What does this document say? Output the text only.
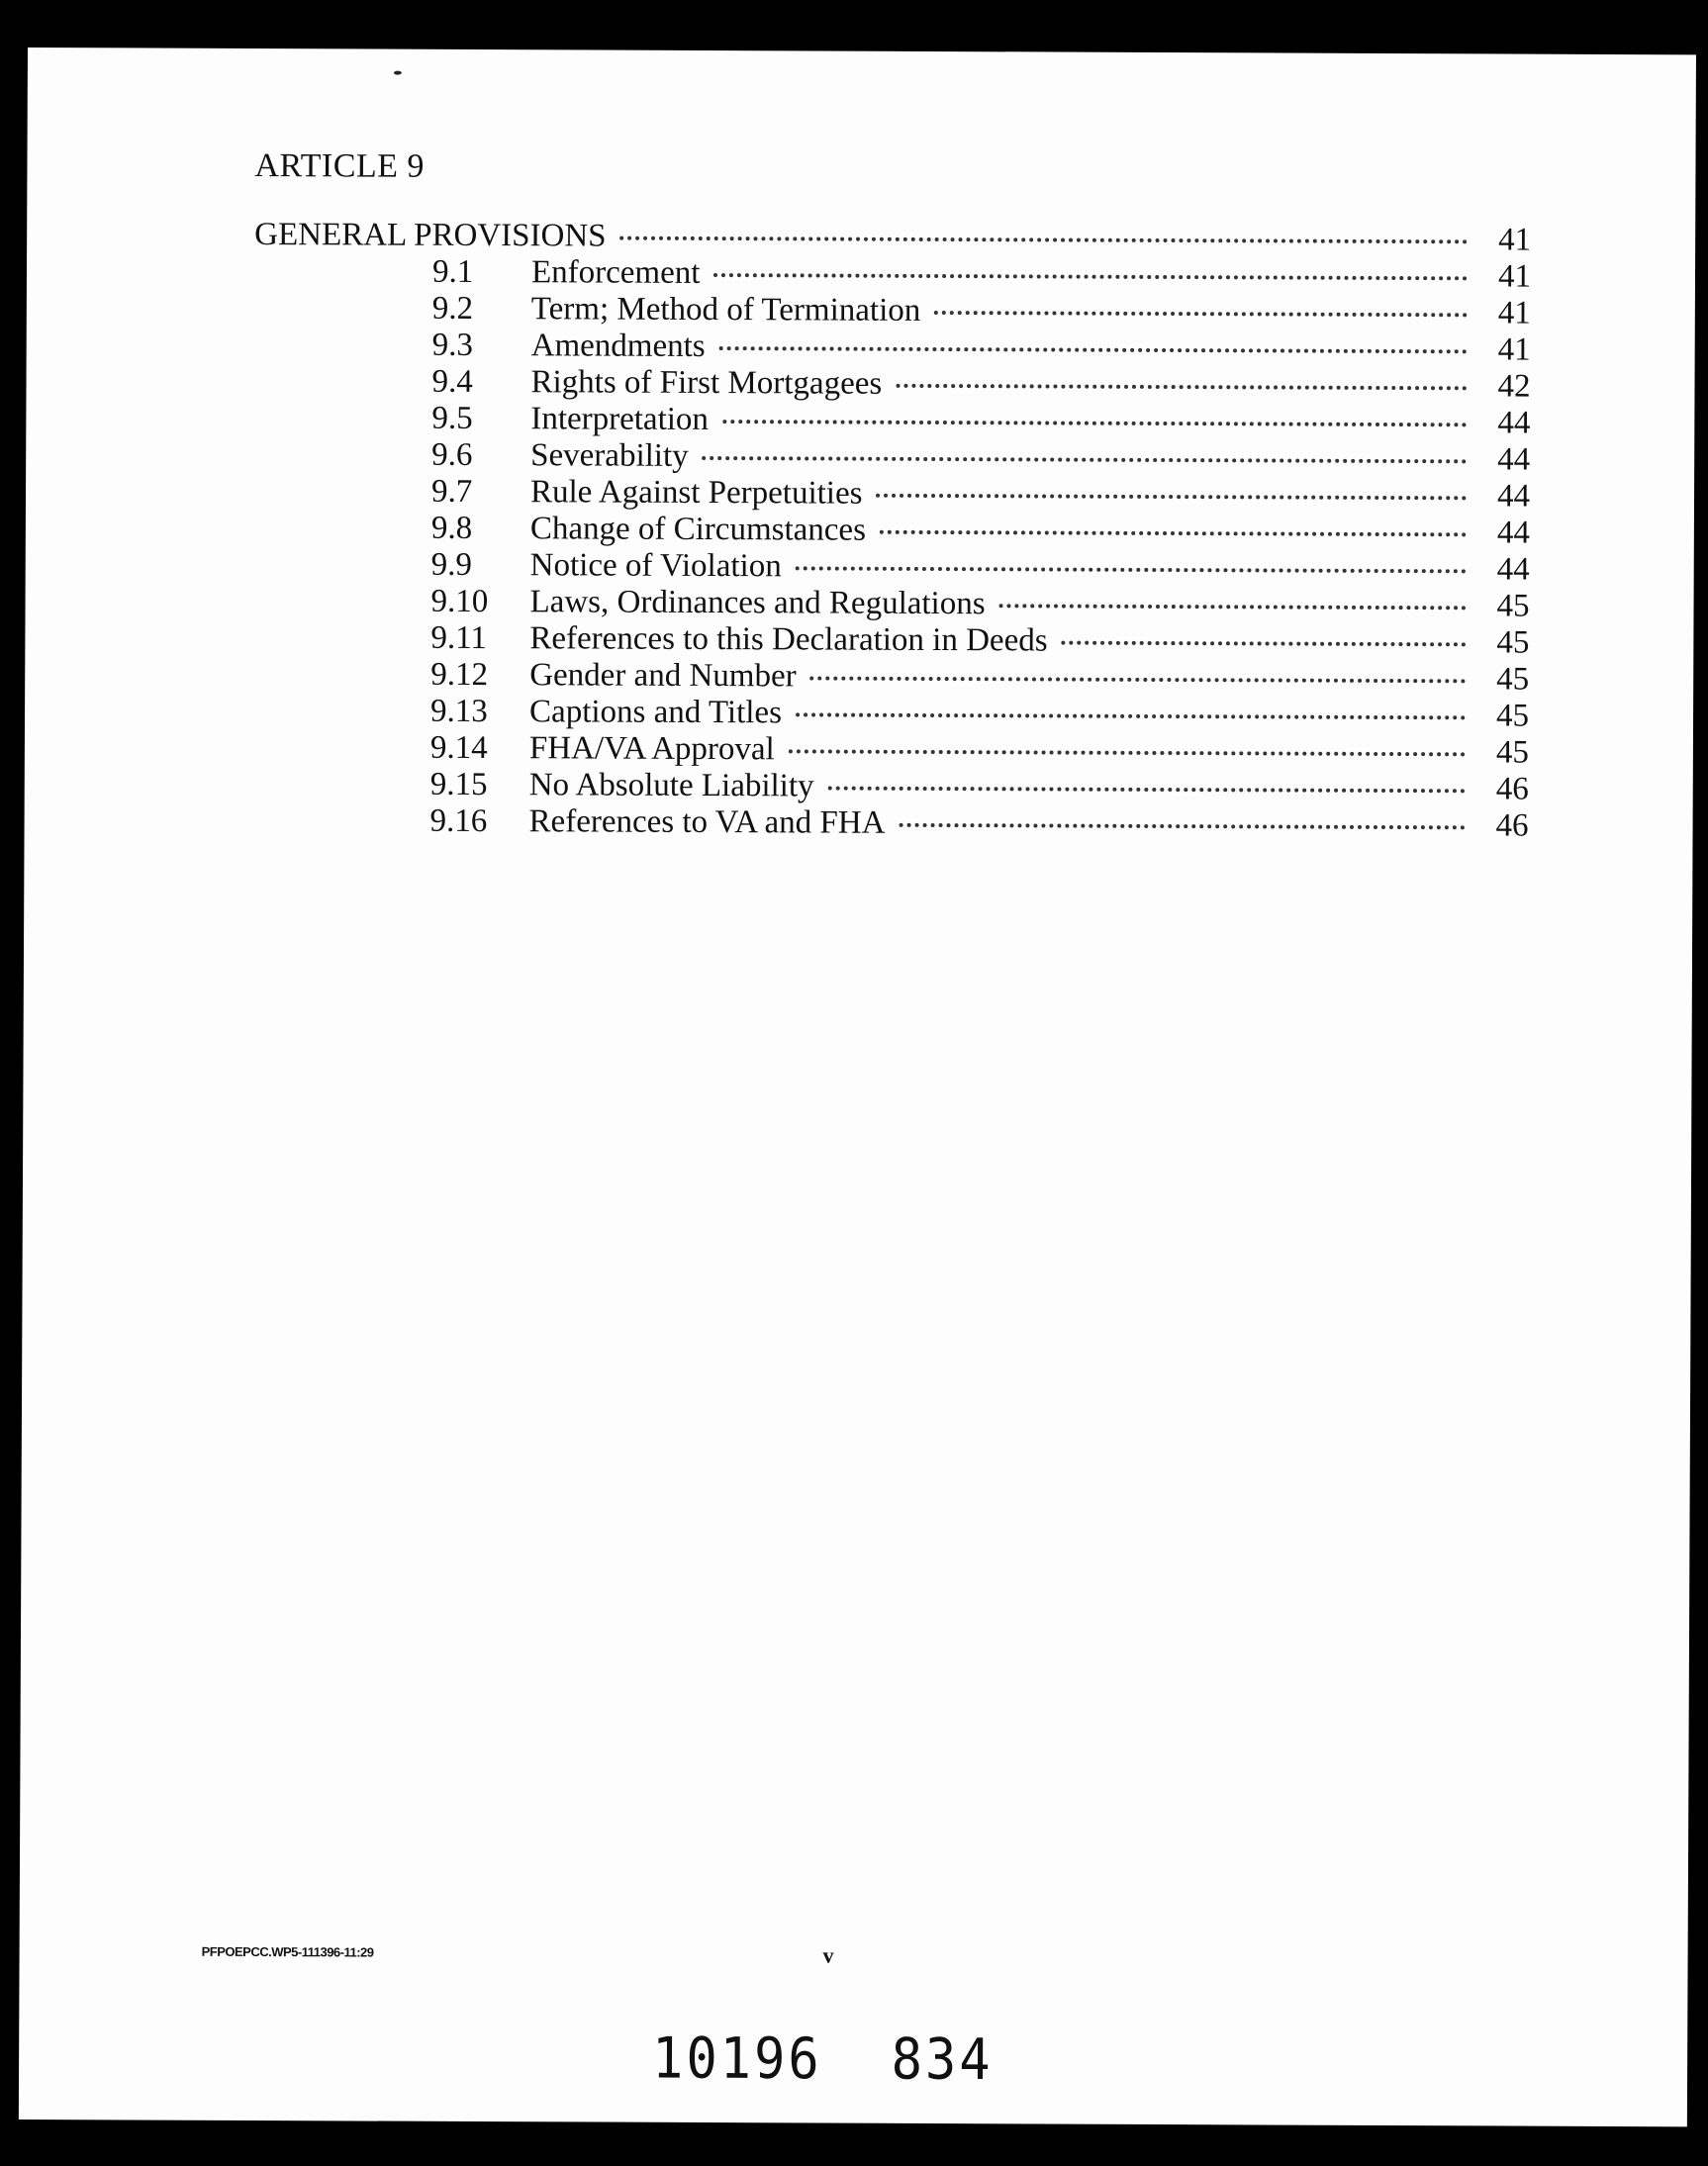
ARTICLE 9
GENERAL PROVISIONS	41
9.1	Enforcement	41
9.2	Term; Method of Termination	41
9.3	Amendments	41
9.4	Rights of First Mortgagees	42
9.5	Interpretation	44
9.6	Severability	44
9.7	Rule Against Perpetuities	44
9.8	Change of Circumstances	44
9.9	Notice of Violation	44
9.10	Laws, Ordinances and Regulations	45
9.11	References to this Declaration in Deeds	45
9.12	Gender and Number	45
9.13	Captions and Titles	45
9.14	FHA/VA Approval	45
9.15	No Absolute Liability	46
9.16	References to VA and FHA	46
PFPOEPCC.WP5-111396-11:29	v
10196 834
